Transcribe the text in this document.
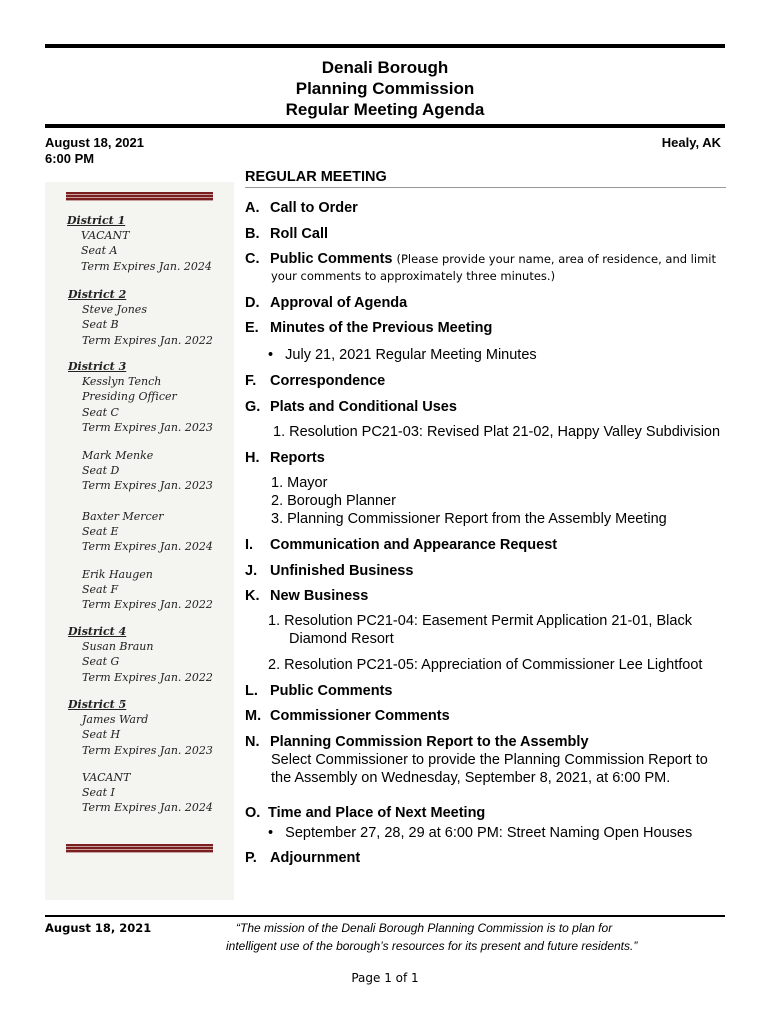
Denali Borough
Planning Commission
Regular Meeting Agenda
August 18, 2021
6:00 PM
Healy, AK
REGULAR MEETING
District 1
VACANT
Seat A
Term Expires Jan. 2024
District 2
Steve Jones
Seat B
Term Expires Jan. 2022
District 3
Kesslyn Tench
Presiding Officer
Seat C
Term Expires Jan. 2023
Mark Menke
Seat D
Term Expires Jan. 2023
Baxter Mercer
Seat E
Term Expires Jan. 2024
Erik Haugen
Seat F
Term Expires Jan. 2022
District 4
Susan Braun
Seat G
Term Expires Jan. 2022
District 5
James Ward
Seat H
Term Expires Jan. 2023
VACANT
Seat I
Term Expires Jan. 2024
A. Call to Order
B. Roll Call
C. Public Comments (Please provide your name, area of residence, and limit
your comments to approximately three minutes.)
D. Approval of Agenda
E. Minutes of the Previous Meeting
•   July 21, 2021 Regular Meeting Minutes
F. Correspondence
G. Plats and Conditional Uses
1. Resolution PC21-03: Revised Plat 21-02, Happy Valley Subdivision
H. Reports
1. Mayor
2. Borough Planner
3. Planning Commissioner Report from the Assembly Meeting
I. Communication and Appearance Request
J. Unfinished Business
K. New Business
1. Resolution PC21-04: Easement Permit Application 21-01, Black
Diamond Resort
2. Resolution PC21-05: Appreciation of Commissioner Lee Lightfoot
L. Public Comments
M. Commissioner Comments
N. Planning Commission Report to the Assembly
Select Commissioner to provide the Planning Commission Report to
the Assembly on Wednesday, September 8, 2021, at 6:00 PM.
O. Time and Place of Next Meeting
•   September 27, 28, 29 at 6:00 PM: Street Naming Open Houses
P. Adjournment
August 18, 2021	“The mission of the Denali Borough Planning Commission is to plan for
intelligent use of the borough’s resources for its present and future residents.”
Page 1 of 1
